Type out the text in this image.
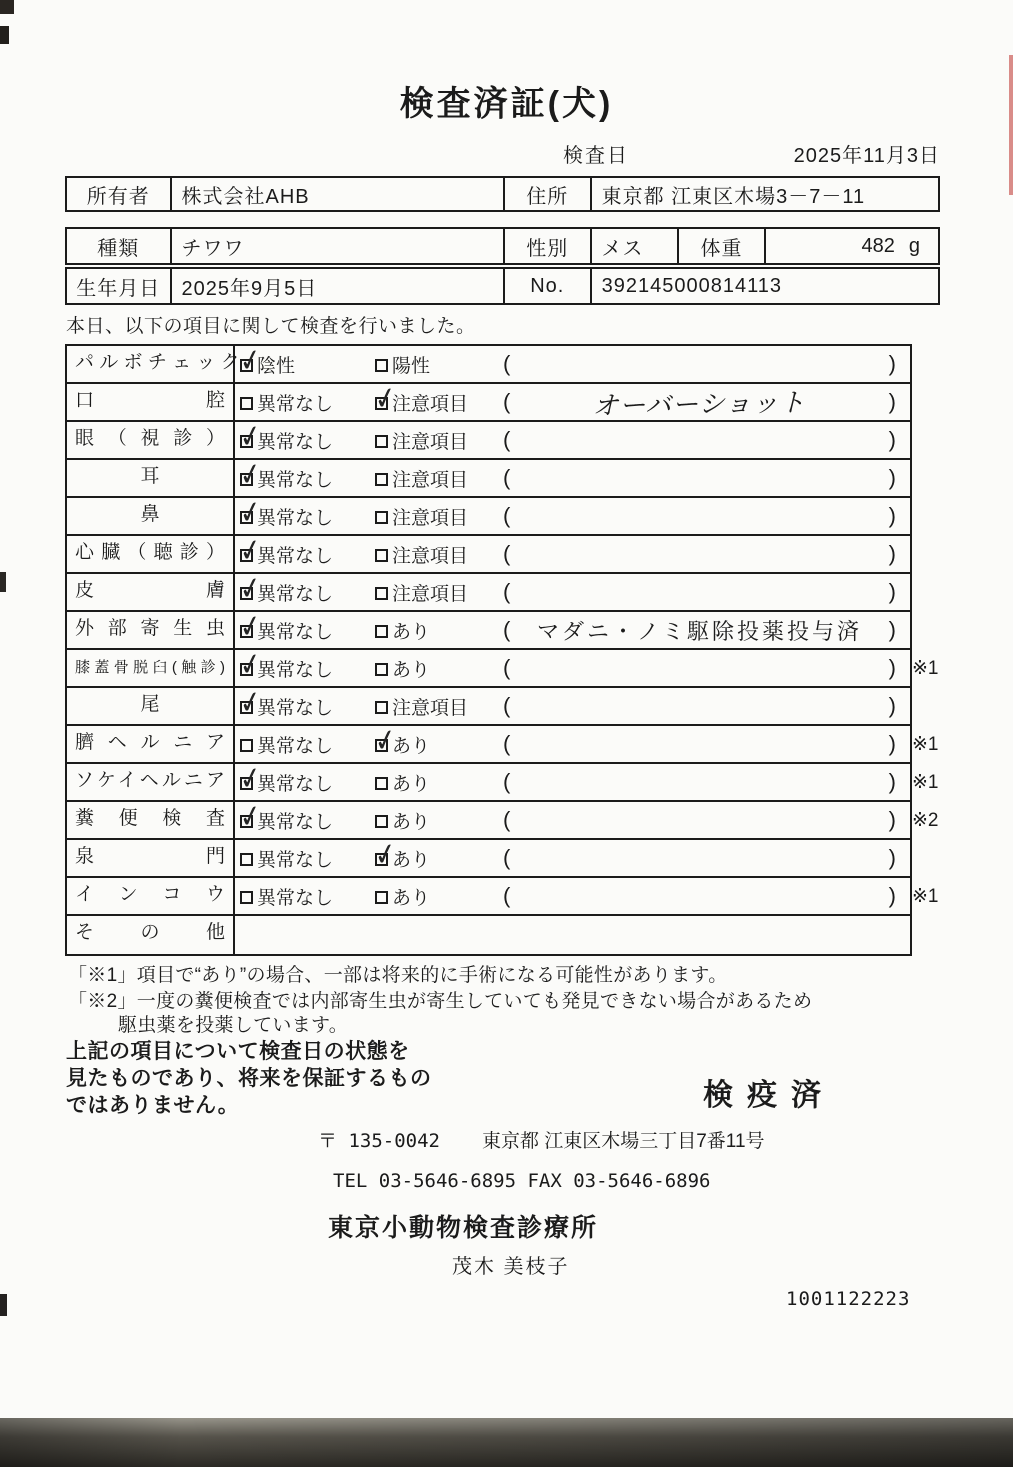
検査済証(犬)
検査日	2025年11月3日
所有者	株式会社AHB	住所	東京都 江東区木場3－7－11
種類	チワワ	性別	メス	体重	482 g
生年月日	2025年9月5日	No.	392145000814113
本日、以下の項目に関して検査を行いました。
パ ル ボ チ ェ ッ ク ✓ 陰性	陽性	(	)
口 腔	異常なし ✓	注意項目 (	オーバーショット	)
眼 （ 視 診 ） ✓	異常なし	注意項目 (	)
耳 ✓	異常なし	注意項目 (	)
鼻 ✓	異常なし	注意項目 (	)
心 臓 （ 聴 診 ） ✓	異常なし	注意項目 (	)
皮 膚 ✓	異常なし	注意項目 (	)
外 部 寄 生 虫 ✓	異常なし	あり	(	マダニ・ノミ駆除投薬投与済	)
膝蓋骨脱臼(触診) ✓	異常なし	あり	(	) ※1
尾 ✓	異常なし	注意項目 (	)
臍 ヘ ル ニ ア	異常なし ✓	あり	(	) ※1
ソケイヘルニア ✓	異常なし	あり	(	) ※1
糞 便 検 査 ✓	異常なし	あり	(	) ※2
泉 門	異常なし ✓	あり	(	)
イ ン コ ウ	異常なし	あり	(	) ※1
そ の 他
「※1」項目で“あり”の場合、一部は将来的に手術になる可能性があります。
「※2」一度の糞便検査では内部寄生虫が寄生していても発見できない場合があるため
駆虫薬を投薬しています。
上記の項目について検査日の状態を
見たものであり、将来を保証するもの
ではありません。	検疫済
〒 135-0042 東京都 江東区木場三丁目7番11号
TEL 03-5646-6895 FAX 03-5646-6896
東京小動物検査診療所
茂木 美枝子
1001122223
